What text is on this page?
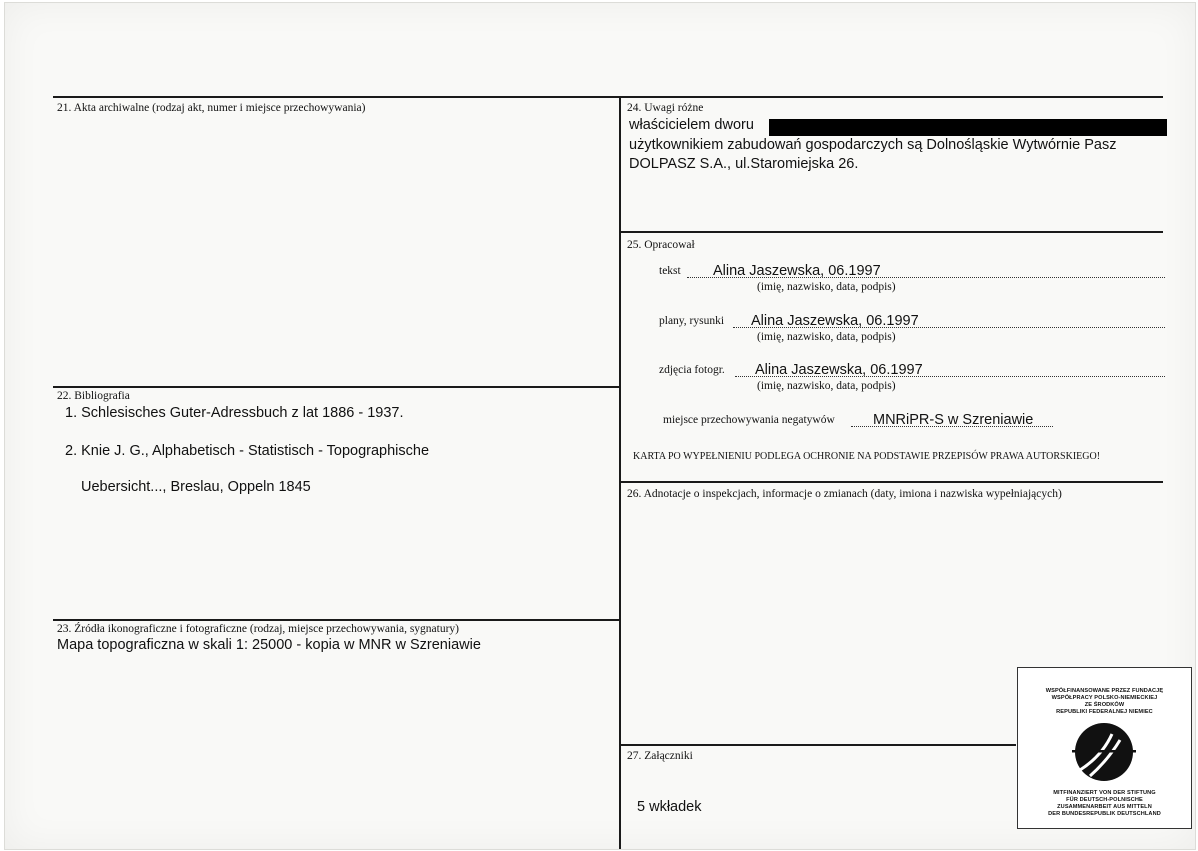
21. Akta archiwalne (rodzaj akt, numer i miejsce przechowywania)
22. Bibliografia
1. Schlesisches Guter-Adressbuch z lat 1886 - 1937.
2. Knie J. G., Alphabetisch - Statistisch - Topographische
Uebersicht..., Breslau, Oppeln 1845
23. Źródła ikonograficzne i fotograficzne (rodzaj, miejsce przechowywania, sygnatury)
Mapa topograficzna w skali 1: 25000 - kopia w MNR w Szreniawie
24. Uwagi różne
właścicielem dworu
użytkownikiem zabudowań gospodarczych są Dolnośląskie Wytwórnie Pasz
DOLPASZ S.A., ul.Staromiejska 26.
25. Opracował
tekst Alina Jaszewska, 06.1997
(imię, nazwisko, data, podpis)
plany, rysunki Alina Jaszewska, 06.1997
(imię, nazwisko, data, podpis)
zdjęcia fotogr. Alina Jaszewska, 06.1997
(imię, nazwisko, data, podpis)
miejsce przechowywania negatywów	MNRiPR-S w Szreniawie
KARTA PO WYPEŁNIENIU PODLEGA OCHRONIE NA PODSTAWIE PRZEPISÓW PRAWA AUTORSKIEGO!
26. Adnotacje o inspekcjach, informacje o zmianach (daty, imiona i nazwiska wypełniających)
27. Załączniki
5 wkładek
WSPÓŁFINANSOWANE PRZEZ FUNDACJĘ
WSPÓŁPRACY POLSKO-NIEMIECKIEJ
ZE ŚRODKÓW
REPUBLIKI FEDERALNEJ NIEMIEC
MITFINANZIERT VON DER STIFTUNG
FÜR DEUTSCH-POLNISCHE
ZUSAMMENARBEIT AUS MITTELN
DER BUNDESREPUBLIK DEUTSCHLAND
